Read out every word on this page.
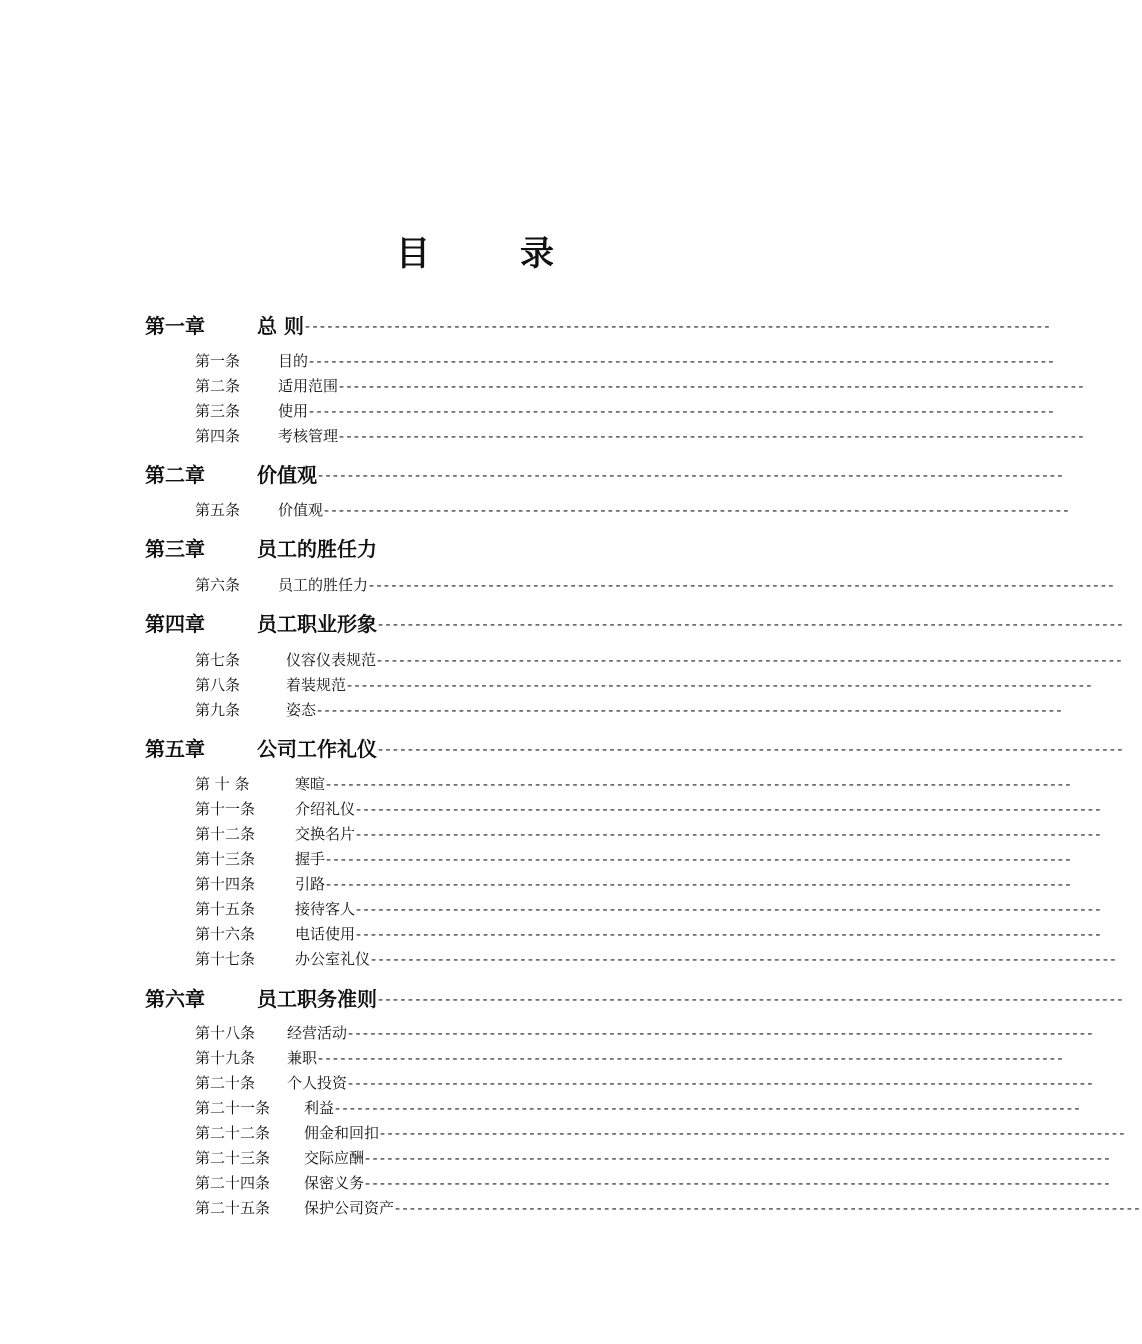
目	录
第一章	总 则 ----------------------------------------------------------------------------------------------------
第一条	目的 ----------------------------------------------------------------------------------------------------
第二条	适用范围 ----------------------------------------------------------------------------------------------------
第三条	使用 ----------------------------------------------------------------------------------------------------
第四条	考核管理 ----------------------------------------------------------------------------------------------------
第二章	价值观 ----------------------------------------------------------------------------------------------------
第五条	价值观 ----------------------------------------------------------------------------------------------------
第三章	员工的胜任力
第六条	员工的胜任力 ----------------------------------------------------------------------------------------------------
第四章	员工职业形象 ----------------------------------------------------------------------------------------------------
第七条	仪容仪表规范 ----------------------------------------------------------------------------------------------------
第八条	着装规范 ----------------------------------------------------------------------------------------------------
第九条	姿态 ----------------------------------------------------------------------------------------------------
第五章	公司工作礼仪 ----------------------------------------------------------------------------------------------------
第 十 条	寒暄 ----------------------------------------------------------------------------------------------------
第十一条	介绍礼仪 ----------------------------------------------------------------------------------------------------
第十二条	交换名片 ----------------------------------------------------------------------------------------------------
第十三条	握手 ----------------------------------------------------------------------------------------------------
第十四条	引路 ----------------------------------------------------------------------------------------------------
第十五条	接待客人 ----------------------------------------------------------------------------------------------------
第十六条	电话使用 ----------------------------------------------------------------------------------------------------
第十七条	办公室礼仪 ----------------------------------------------------------------------------------------------------
第六章	员工职务准则 ----------------------------------------------------------------------------------------------------
第十八条 经营活动 ----------------------------------------------------------------------------------------------------
第十九条 兼职 ----------------------------------------------------------------------------------------------------
第二十条 个人投资 ----------------------------------------------------------------------------------------------------
第二十一条 利益 ----------------------------------------------------------------------------------------------------
第二十二条 佣金和回扣 ----------------------------------------------------------------------------------------------------
第二十三条 交际应酬 ----------------------------------------------------------------------------------------------------
第二十四条 保密义务 ----------------------------------------------------------------------------------------------------
第二十五条 保护公司资产 ----------------------------------------------------------------------------------------------------
